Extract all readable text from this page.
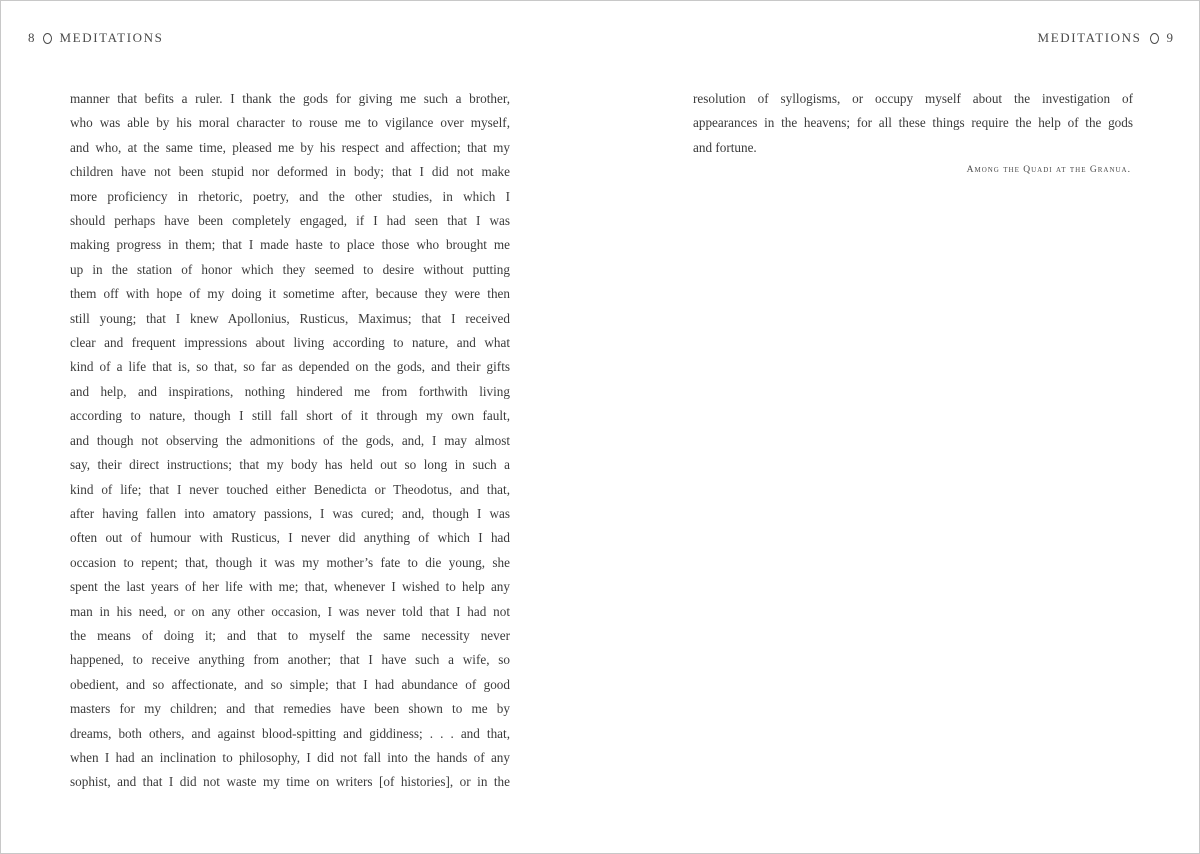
8 MEDITATIONS
manner that befits a ruler. I thank the gods for giving me such a brother,
who was able by his moral character to rouse me to vigilance over myself,
and who, at the same time, pleased me by his respect and affection; that my
children have not been stupid nor deformed in body; that I did not make
more proficiency in rhetoric, poetry, and the other studies, in which I
should perhaps have been completely engaged, if I had seen that I was
making progress in them; that I made haste to place those who brought me
up in the station of honor which they seemed to desire without putting
them off with hope of my doing it sometime after, because they were then
still young; that I knew Apollonius, Rusticus, Maximus; that I received
clear and frequent impressions about living according to nature, and what
kind of a life that is, so that, so far as depended on the gods, and their gifts
and help, and inspirations, nothing hindered me from forthwith living
according to nature, though I still fall short of it through my own fault,
and though not observing the admonitions of the gods, and, I may almost
say, their direct instructions; that my body has held out so long in such a
kind of life; that I never touched either Benedicta or Theodotus, and that,
after having fallen into amatory passions, I was cured; and, though I was
often out of humour with Rusticus, I never did anything of which I had
occasion to repent; that, though it was my mother’s fate to die young, she
spent the last years of her life with me; that, whenever I wished to help any
man in his need, or on any other occasion, I was never told that I had not
the means of doing it; and that to myself the same necessity never
happened, to receive anything from another; that I have such a wife, so
obedient, and so affectionate, and so simple; that I had abundance of good
masters for my children; and that remedies have been shown to me by
dreams, both others, and against blood-spitting and giddiness; . . . and that,
when I had an inclination to philosophy, I did not fall into the hands of any
sophist, and that I did not waste my time on writers [of histories], or in the
MEDITATIONS 9
resolution of syllogisms, or occupy myself about the investigation of
appearances in the heavens; for all these things require the help of the gods
and fortune.
Among the Quadi at the Granua.
